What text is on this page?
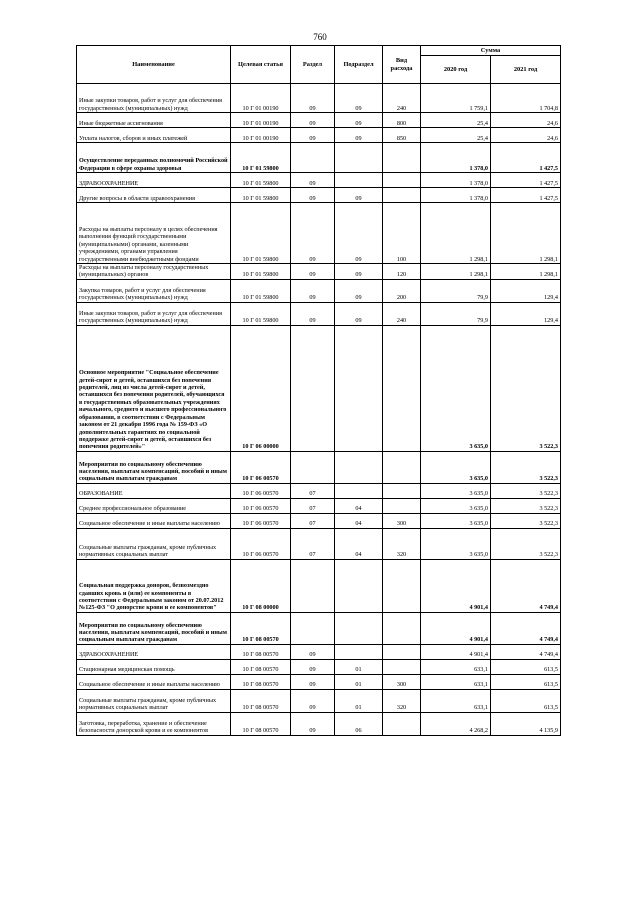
760
Наименование	Целевая статья	Раздел	Подраздел	Вид расхода	Сумма	
					2020 год	2021 год
Иные закупки товаров, работ и услуг для обеспечения государственных (муниципальных) нужд	10 Г 01 00190	09	09	240	1 759,1	1 704,8
Иные бюджетные ассигнования	10 Г 01 00190	09	09	800	25,4	24,6
Уплата налогов, сборов и иных платежей	10 Г 01 00190	09	09	850	25,4	24,6
Осуществление переданных полномочий Российской Федерации в сфере охраны здоровья	10 Г 01 59800				1 378,0	1 427,5
ЗДРАВООХРАНЕНИЕ	10 Г 01 59800	09			1 378,0	1 427,5
Другие вопросы в области здравоохранения	10 Г 01 59800	09	09		1 378,0	1 427,5
Расходы на выплаты персоналу в целях обеспечения выполнения функций государственными (муниципальными) органами, казенными учреждениями, органами управления государственными внебюджетными фондами	10 Г 01 59800	09	09	100	1 298,1	1 298,1
Расходы на выплаты персоналу государственных (муниципальных) органов	10 Г 01 59800	09	09	120	1 298,1	1 298,1
Закупка товаров, работ и услуг для обеспечения государственных (муниципальных) нужд	10 Г 01 59800	09	09	200	79,9	129,4
Иные закупки товаров, работ и услуг для обеспечения государственных (муниципальных) нужд	10 Г 01 59800	09	09	240	79,9	129,4
Основное мероприятие "Социальное обеспечение детей-сирот и детей, оставшихся без попечения родителей, лиц из числа детей-сирот и детей, оставшихся без попечения родителей, обучающихся в государственных образовательных учреждениях начального, среднего и высшего профессионального образования, в соответствии с Федеральным законом от 21 декабря 1996 года № 159-ФЗ «О дополнительных гарантиях по социальной поддержке детей-сирот и детей, оставшихся без попечения родителей»"	10 Г 06 00000				3 635,0	3 522,3
Мероприятия по социальному обеспечению населения, выплатам компенсаций, пособий и иным социальным выплатам гражданам	10 Г 06 00570				3 635,0	3 522,3
ОБРАЗОВАНИЕ	10 Г 06 00570	07			3 635,0	3 522,3
Среднее профессиональное образование	10 Г 06 00570	07	04		3 635,0	3 522,3
Социальное обеспечение и иные выплаты населению	10 Г 06 00570	07	04	300	3 635,0	3 522,3
Социальные выплаты гражданам, кроме публичных нормативных социальных выплат	10 Г 06 00570	07	04	320	3 635,0	3 522,3
Социальная поддержка доноров, безвозмездно сдавших кровь и (или) ее компоненты в соответствии с Федеральным законом от 20.07.2012 №125-ФЗ "О донорстве крови и ее компонентов"	10 Г 08 00000				4 901,4	4 749,4
Мероприятия по социальному обеспечению населения, выплатам компенсаций, пособий и иным социальным выплатам гражданам	10 Г 08 00570				4 901,4	4 749,4
ЗДРАВООХРАНЕНИЕ	10 Г 08 00570	09			4 901,4	4 749,4
Стационарная медицинская помощь	10 Г 08 00570	09	01		633,1	613,5
Социальное обеспечение и иные выплаты населению	10 Г 08 00570	09	01	300	633,1	613,5
Социальные выплаты гражданам, кроме публичных нормативных социальных выплат	10 Г 08 00570	09	01	320	633,1	613,5
Заготовка, переработка, хранение и обеспечение безопасности донорской крови и ее компонентов	10 Г 08 00570	09	06		4 268,2	4 135,9
